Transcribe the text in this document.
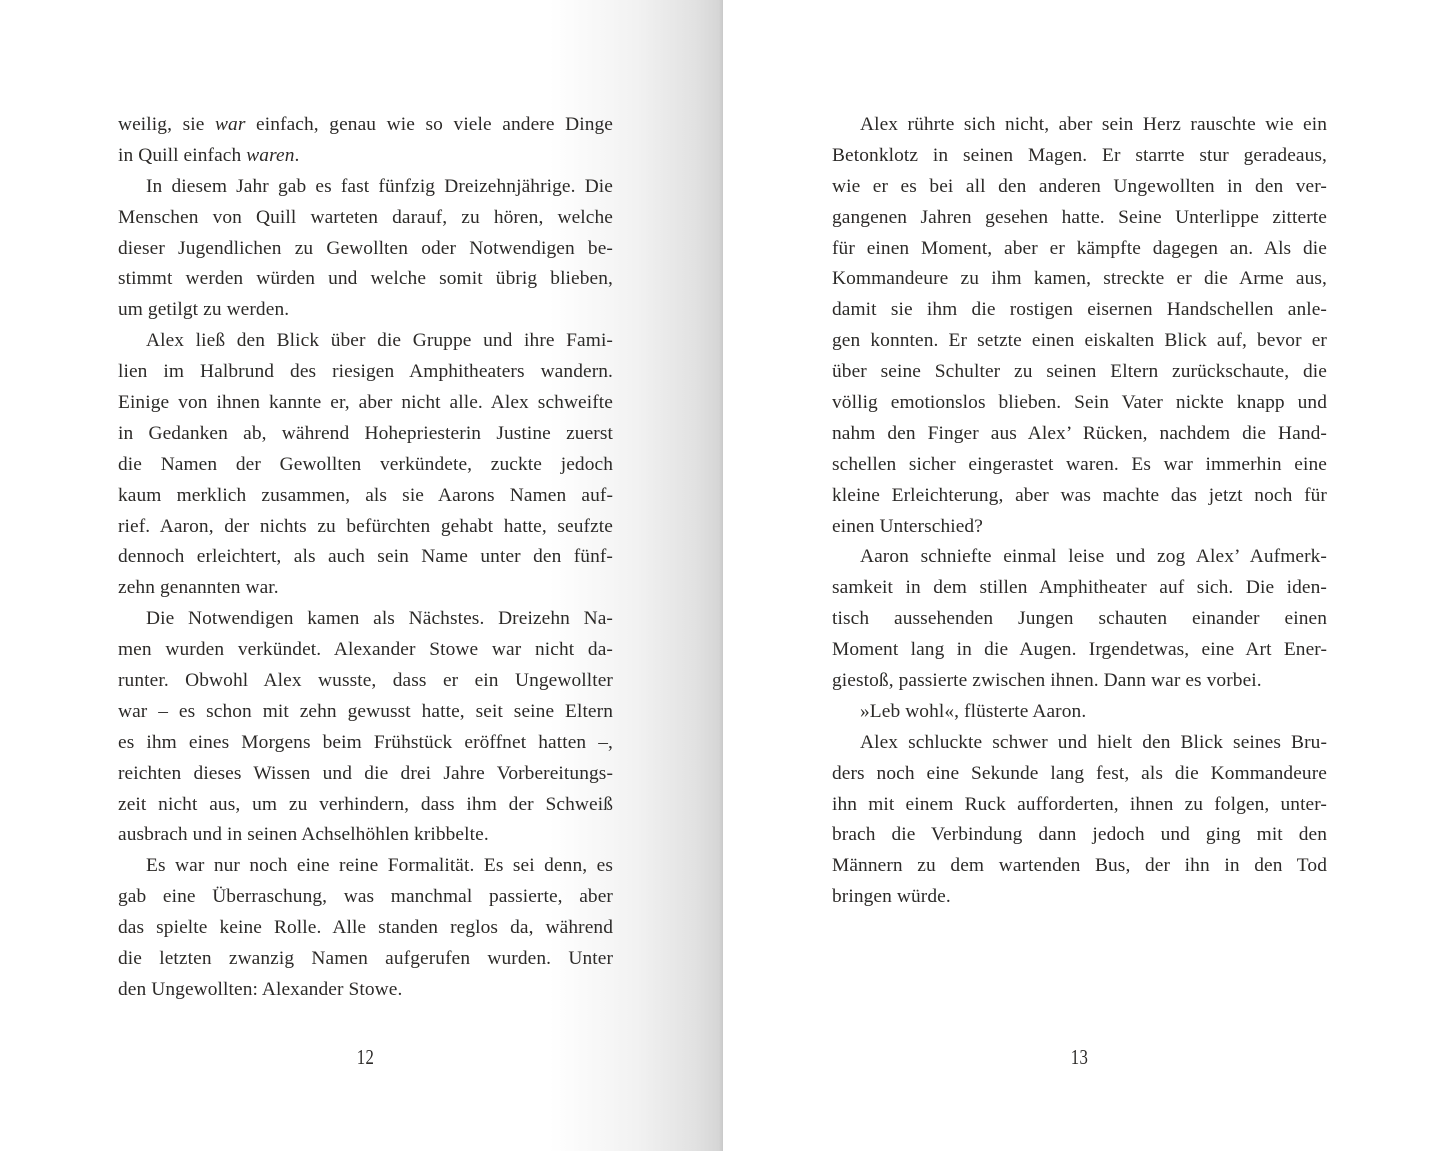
weilig, sie war einfach, genau wie so viele andere Dinge
in Quill einfach waren.
In diesem Jahr gab es fast fünfzig Dreizehnjährige. Die
Menschen von Quill warteten darauf, zu hören, welche
dieser Jugendlichen zu Gewollten oder Notwendigen be-
stimmt werden würden und welche somit übrig blieben,
um getilgt zu werden.
Alex ließ den Blick über die Gruppe und ihre Fami-
lien im Halbrund des riesigen Amphitheaters wandern.
Einige von ihnen kannte er, aber nicht alle. Alex schweifte
in Gedanken ab, während Hohepriesterin Justine zuerst
die Namen der Gewollten verkündete, zuckte jedoch
kaum merklich zusammen, als sie Aarons Namen auf-
rief. Aaron, der nichts zu befürchten gehabt hatte, seufzte
dennoch erleichtert, als auch sein Name unter den fünf-
zehn genannten war.
Die Notwendigen kamen als Nächstes. Dreizehn Na-
men wurden verkündet. Alexander Stowe war nicht da-
runter. Obwohl Alex wusste, dass er ein Ungewollter
war – es schon mit zehn gewusst hatte, seit seine Eltern
es ihm eines Morgens beim Frühstück eröffnet hatten –,
reichten dieses Wissen und die drei Jahre Vorbereitungs-
zeit nicht aus, um zu verhindern, dass ihm der Schweiß
ausbrach und in seinen Achselhöhlen kribbelte.
Es war nur noch eine reine Formalität. Es sei denn, es
gab eine Überraschung, was manchmal passierte, aber
das spielte keine Rolle. Alle standen reglos da, während
die letzten zwanzig Namen aufgerufen wurden. Unter
den Ungewollten: Alexander Stowe.
12
Alex rührte sich nicht, aber sein Herz rauschte wie ein
Betonklotz in seinen Magen. Er starrte stur geradeaus,
wie er es bei all den anderen Ungewollten in den ver-
gangenen Jahren gesehen hatte. Seine Unterlippe zitterte
für einen Moment, aber er kämpfte dagegen an. Als die
Kommandeure zu ihm kamen, streckte er die Arme aus,
damit sie ihm die rostigen eisernen Handschellen anle-
gen konnten. Er setzte einen eiskalten Blick auf, bevor er
über seine Schulter zu seinen Eltern zurückschaute, die
völlig emotionslos blieben. Sein Vater nickte knapp und
nahm den Finger aus Alex’ Rücken, nachdem die Hand-
schellen sicher eingerastet waren. Es war immerhin eine
kleine Erleichterung, aber was machte das jetzt noch für
einen Unterschied?
Aaron schniefte einmal leise und zog Alex’ Aufmerk-
samkeit in dem stillen Amphitheater auf sich. Die iden-
tisch aussehenden Jungen schauten einander einen
Moment lang in die Augen. Irgendetwas, eine Art Ener-
giestoß, passierte zwischen ihnen. Dann war es vorbei.
»Leb wohl«, flüsterte Aaron.
Alex schluckte schwer und hielt den Blick seines Bru-
ders noch eine Sekunde lang fest, als die Kommandeure
ihn mit einem Ruck aufforderten, ihnen zu folgen, unter-
brach die Verbindung dann jedoch und ging mit den
Männern zu dem wartenden Bus, der ihn in den Tod
bringen würde.
13
